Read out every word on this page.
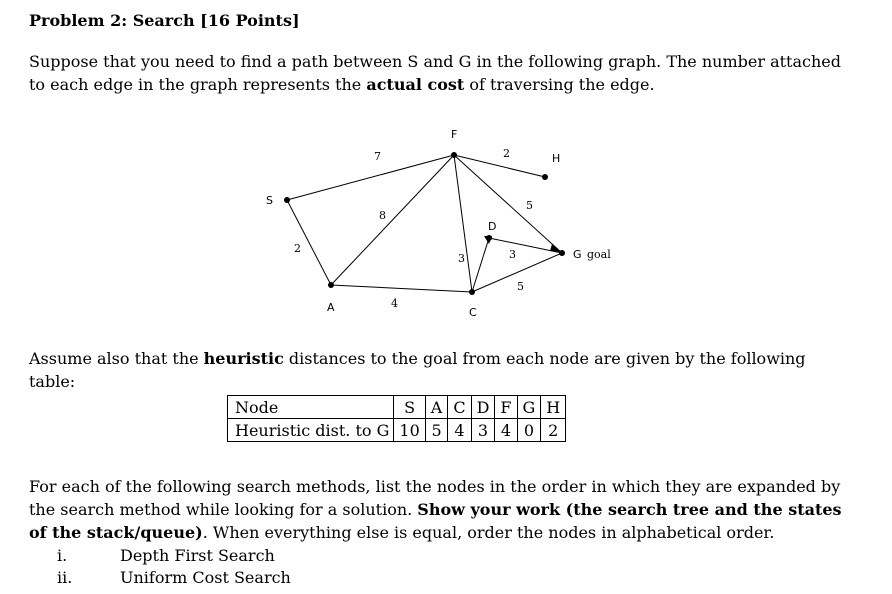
Problem 2: Search [16 Points]

Suppose that you need to find a path between S and G in the following graph. The number attached to each edge in the graph represents the actual cost of traversing the edge.

S
A
F
H
D
C
G goal
7
2
8
4
2
3
5
3
5

Assume also that the heuristic distances to the goal from each node are given by the following table:

Node	S	A	C	D	F	G	H
Heuristic dist. to G	10	5	4	3	4	0	2

For each of the following search methods, list the nodes in the order in which they are expanded by the search method while looking for a solution. Show your work (the search tree and the states of the stack/queue). When everything else is equal, order the nodes in alphabetical order.

i.	Depth First Search
ii.	Uniform Cost Search
